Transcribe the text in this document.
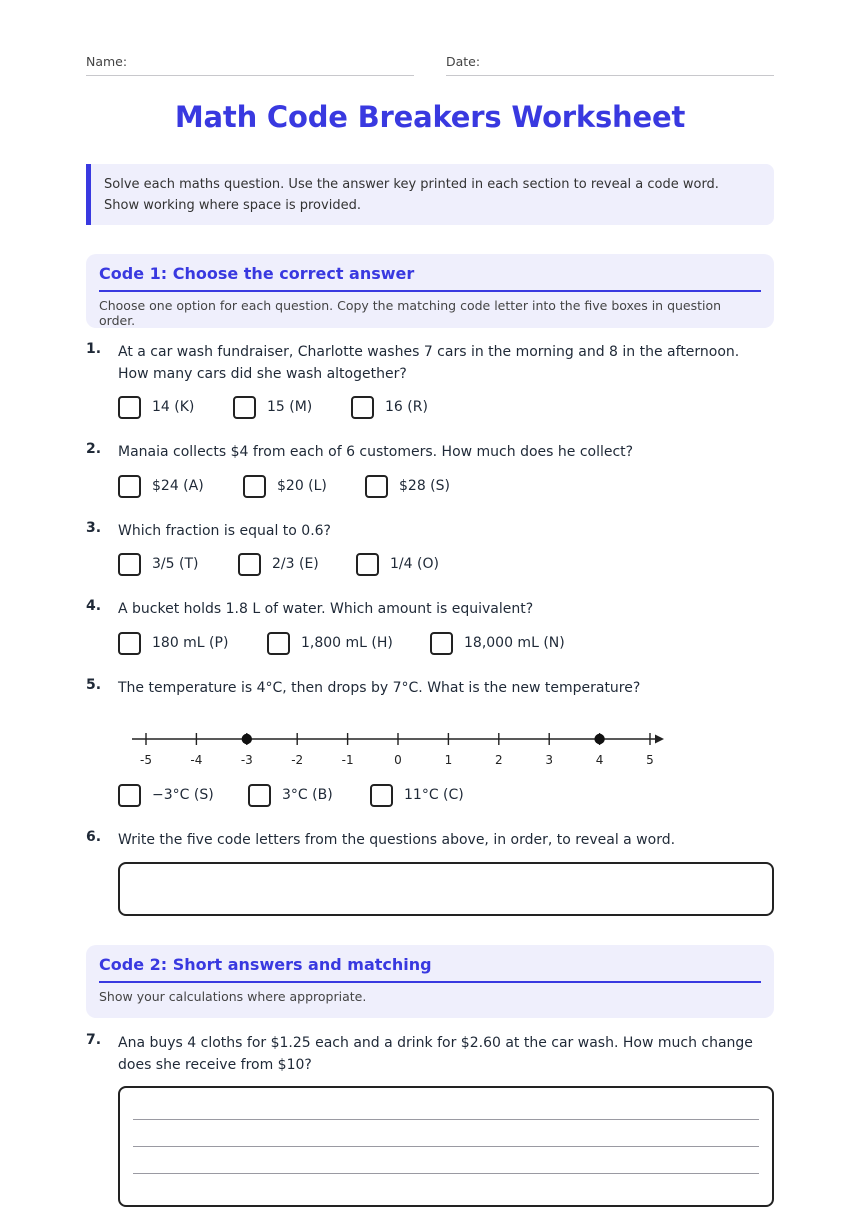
Name:	Date:
Math Code Breakers Worksheet
Solve each maths question. Use the answer key printed in each section to reveal a code word. Show working where space is provided.
Code 1: Choose the correct answer
Choose one option for each question. Copy the matching code letter into the five boxes in question order.
1. At a car wash fundraiser, Charlotte washes 7 cars in the morning and 8 in the afternoon. How many cars did she wash altogether?
14 (K)	15 (M)	16 (R)
2. Manaia collects $4 from each of 6 customers. How much does he collect?
$24 (A)	$20 (L)	$28 (S)
3. Which fraction is equal to 0.6?
3/5 (T)	2/3 (E)	1/4 (O)
4. A bucket holds 1.8 L of water. Which amount is equivalent?
180 mL (P)	1,800 mL (H)	18,000 mL (N)
5. The temperature is 4°C, then drops by 7°C. What is the new temperature?
-5	-4	-3	-2	-1	0	1	2	3	4	5
−3°C (S)	3°C (B)	11°C (C)
6. Write the five code letters from the questions above, in order, to reveal a word.
Code 2: Short answers and matching
Show your calculations where appropriate.
7. Ana buys 4 cloths for $1.25 each and a drink for $2.60 at the car wash. How much change does she receive from $10?
